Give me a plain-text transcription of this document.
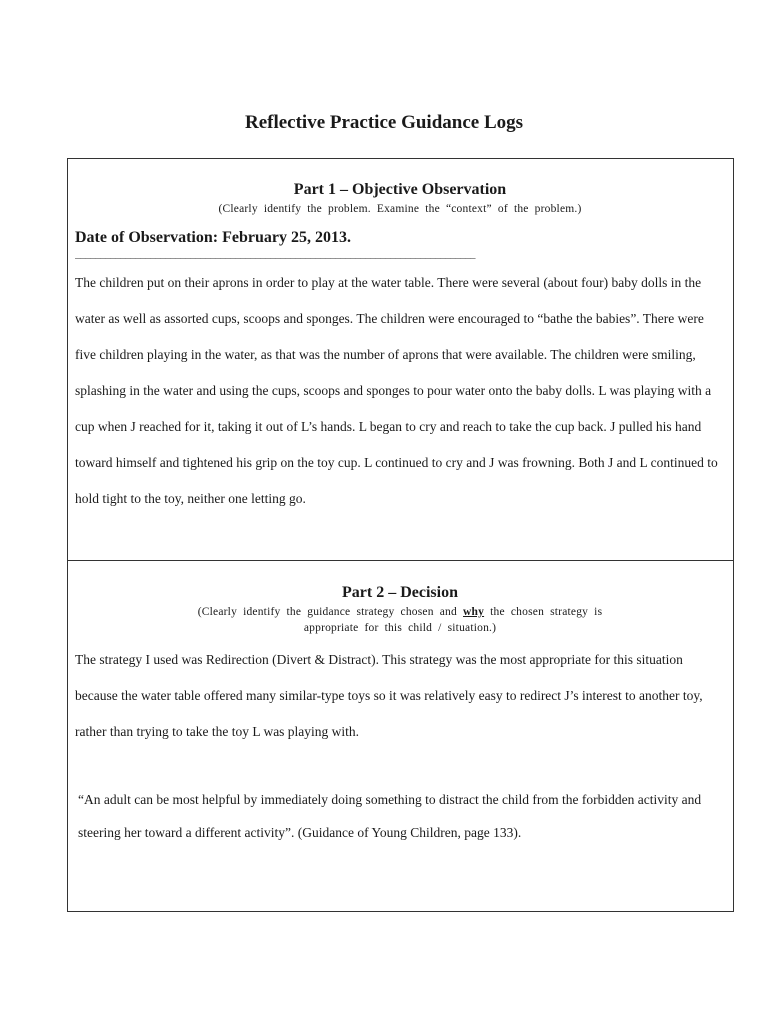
Reflective Practice Guidance Logs
Part 1 – Objective Observation

(Clearly identify the problem. Examine the “context” of the problem.)

Date of Observation: February 25, 2013.

________________________________________________________________________________

The children put on their aprons in order to play at the water table. There were several (about four) baby dolls in the water as well as assorted cups, scoops and sponges. The children were encouraged to “bathe the babies”. There were five children playing in the water, as that was the number of aprons that were available. The children were smiling, splashing in the water and using the cups, scoops and sponges to pour water onto the baby dolls. L was playing with a cup when J reached for it, taking it out of L’s hands. L began to cry and reach to take the cup back. J pulled his hand toward himself and tightened his grip on the toy cup. L continued to cry and J was frowning. Both J and L continued to hold tight to the toy, neither one letting go.

Part 2 – Decision

(Clearly identify the guidance strategy chosen and why the chosen strategy is appropriate for this child / situation.)

The strategy I used was Redirection (Divert & Distract). This strategy was the most appropriate for this situation because the water table offered many similar-type toys so it was relatively easy to redirect J’s interest to another toy, rather than trying to take the toy L was playing with.

“An adult can be most helpful by immediately doing something to distract the child from the forbidden activity and steering her toward a different activity”. (Guidance of Young Children, page 133).
